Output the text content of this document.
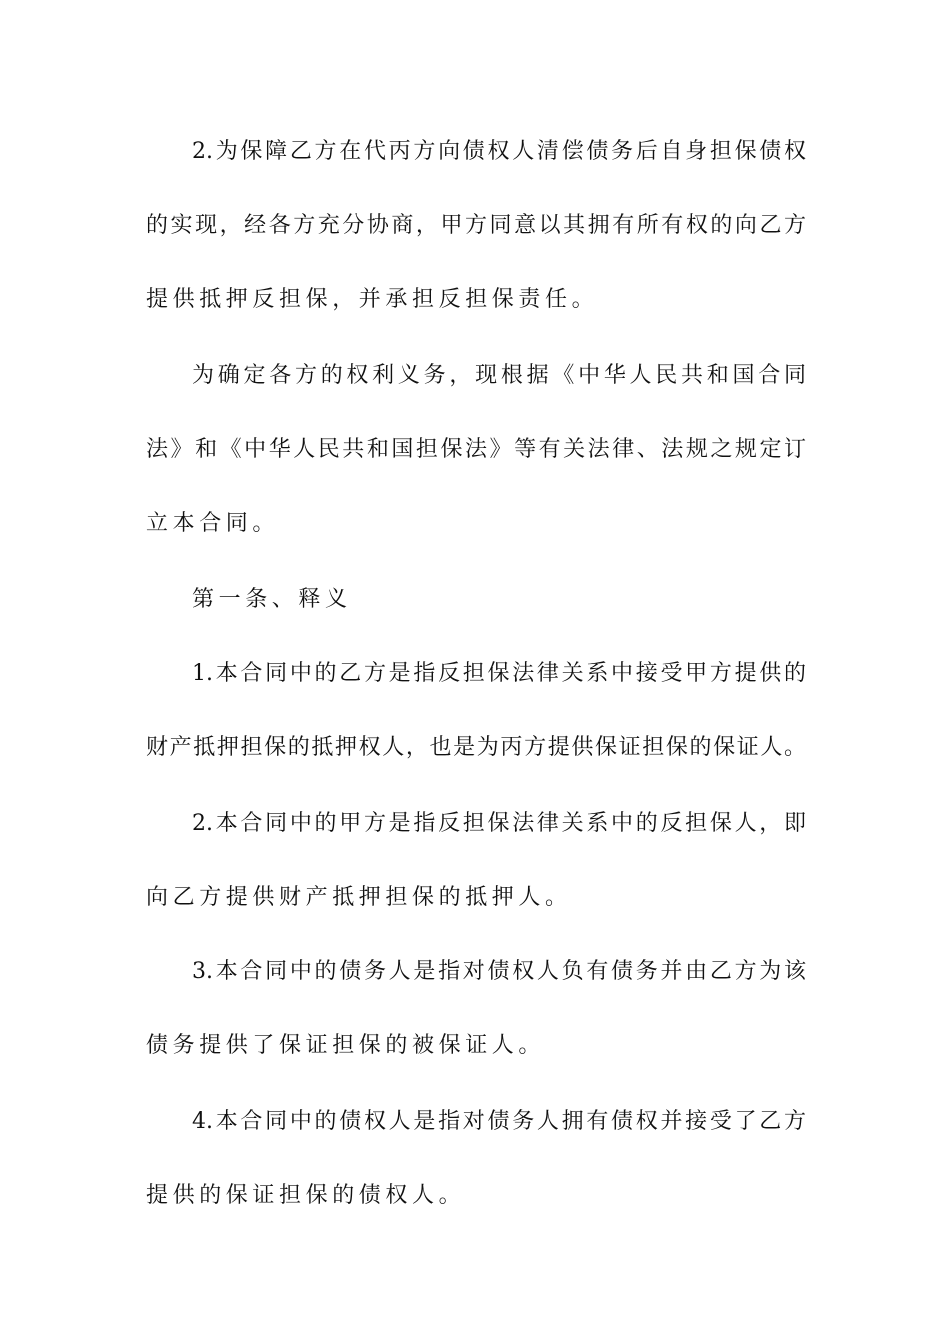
2.为保障乙方在代丙方向债权人清偿债务后自身担保债权
的实现，经各方充分协商，甲方同意以其拥有所有权的向乙方
提供抵押反担保，并承担反担保责任。
为确定各方的权利义务，现根据《中华人民共和国合同
法》和《中华人民共和国担保法》等有关法律、法规之规定订
立本合同。
第一条、释义
1.本合同中的乙方是指反担保法律关系中接受甲方提供的
财产抵押担保的抵押权人，也是为丙方提供保证担保的保证人。
2.本合同中的甲方是指反担保法律关系中的反担保人，即
向乙方提供财产抵押担保的抵押人。
3.本合同中的债务人是指对债权人负有债务并由乙方为该
债务提供了保证担保的被保证人。
4.本合同中的债权人是指对债务人拥有债权并接受了乙方
提供的保证担保的债权人。
